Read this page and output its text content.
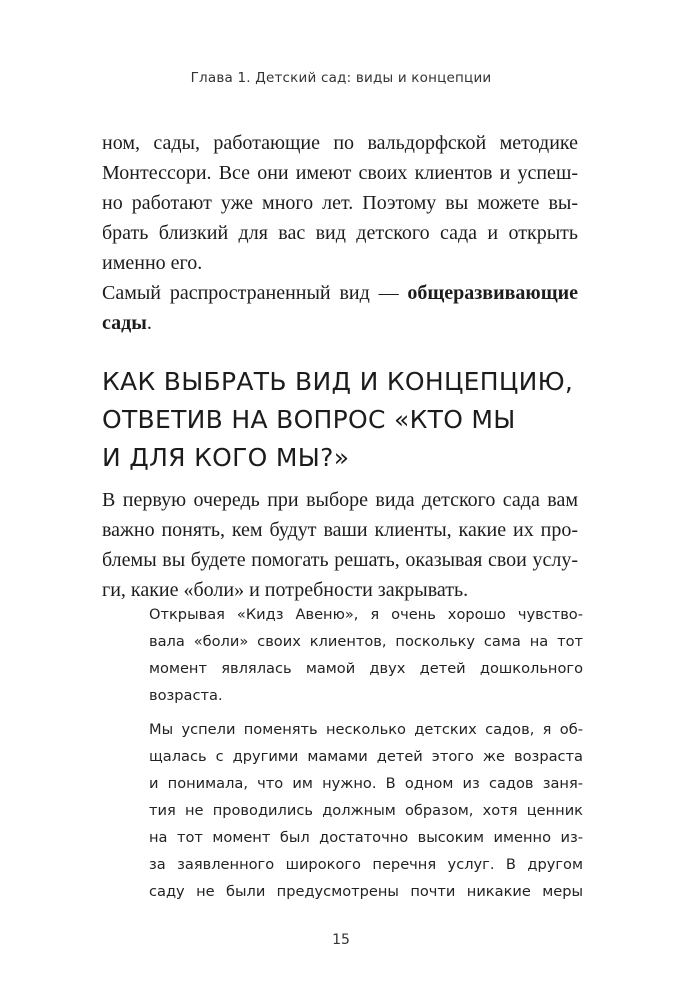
Глава 1. Детский сад: виды и концепции

ном, сады, работающие по вальдорфской методике
Монтессори. Все они имеют своих клиентов и успеш-
но работают уже много лет. Поэтому вы можете вы-
брать близкий для вас вид детского сада и открыть
именно его.

Самый распространенный вид — общеразвивающие
сады.

КАК ВЫБРАТЬ ВИД И КОНЦЕПЦИЮ,
ОТВЕТИВ НА ВОПРОС «КТО МЫ
И ДЛЯ КОГО МЫ?»

В первую очередь при выборе вида детского сада вам
важно понять, кем будут ваши клиенты, какие их про-
блемы вы будете помогать решать, оказывая свои услу-
ги, какие «боли» и потребности закрывать.

Открывая «Кидз Авеню», я очень хорошо чувство-
вала «боли» своих клиентов, поскольку сама на тот
момент являлась мамой двух детей дошкольного
возраста.

Мы успели поменять несколько детских садов, я об-
щалась с другими мамами детей этого же возраста
и понимала, что им нужно. В одном из садов заня-
тия не проводились должным образом, хотя ценник
на тот момент был достаточно высоким именно из-
за заявленного широкого перечня услуг. В другом
саду не были предусмотрены почти никакие меры

15
